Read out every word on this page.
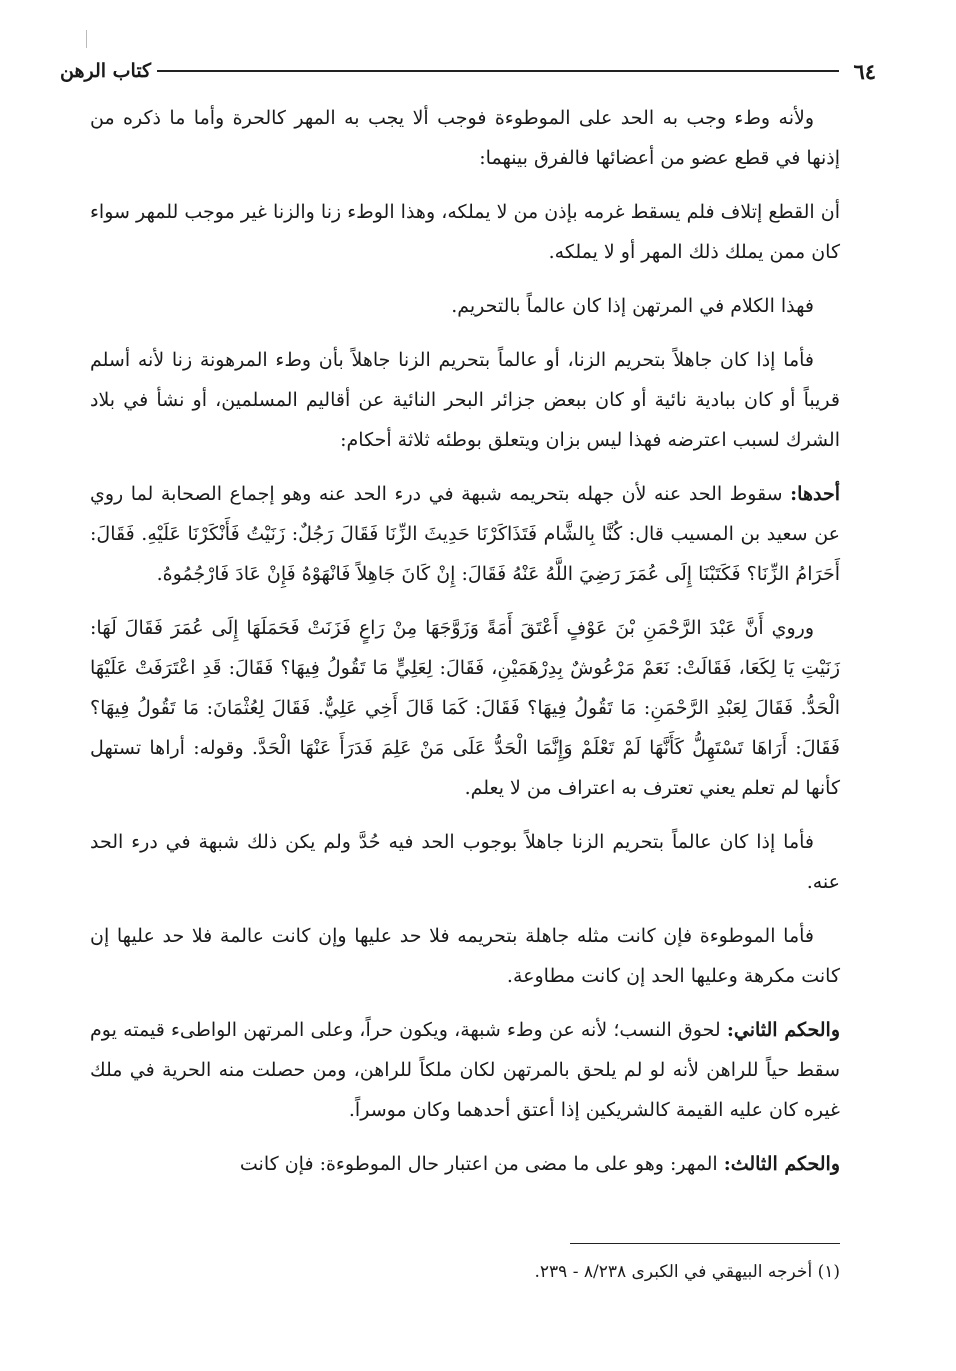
٦٤
كتاب الرهن

ولأنه وطء وجب به الحد على الموطوءة فوجب ألا يجب به المهر كالحرة وأما ما ذكره من إذنها في قطع عضو من أعضائها فالفرق بينهما:

أن القطع إتلاف فلم يسقط غرمه بإذن من لا يملكه، وهذا الوطء زنا والزنا غير موجب للمهر سواء كان ممن يملك ذلك المهر أو لا يملكه.

فهذا الكلام في المرتهن إذا كان عالماً بالتحريم.

فأما إذا كان جاهلاً بتحريم الزنا، أو عالماً بتحريم الزنا جاهلاً بأن وطء المرهونة زنا لأنه أسلم قريباً أو كان ببادية نائية أو كان ببعض جزائر البحر النائية عن أقاليم المسلمين، أو نشأ في بلاد الشرك لسبب اعترضه فهذا ليس بزان ويتعلق بوطئه ثلاثة أحكام:

أحدها: سقوط الحد عنه لأن جهله بتحريمه شبهة في درء الحد عنه وهو إجماع الصحابة لما روي عن سعيد بن المسيب قال: كُنَّا بِالشَّام فَتَذَاكَرْنَا حَدِيثَ الزِّنَا فَقَالَ رَجُلٌ: زَنَيْتُ فَأَنْكَرْنَا عَلَيْهِ. فَقَالَ: أَحَرَامُ الزِّنَا؟ فَكَتَبْنَا إِلَى عُمَرَ رَضِيَ اللَّهُ عَنْهُ فَقَالَ: إِنْ كَانَ جَاهِلاً فَانْهَوْهُ فَإِنْ عَادَ فَارْجُمُوهُ.

وروي أَنَّ عَبْدَ الرَّحْمَنِ بْنَ عَوْفٍ أَعْتَقَ أَمَةً وَزَوَّجَهَا مِنْ رَاعٍ فَزَنَتْ فَحَمَلَهَا إِلَى عُمَرَ فَقَالَ لَهَا: زَنَيْتِ يَا لِكَعَا، فَقَالَتْ: نَعَمْ مَرْعُوشٌ بِدِرْهَمَيْنِ، فَقَالَ: لِعَلِيٍّ مَا تَقُولُ فِيهَا؟ فَقَالَ: قَدِ اعْتَرَفَتْ عَلَيْهَا الْحَدُّ. فَقَالَ لِعَبْدِ الرَّحْمَنِ: مَا تَقُولُ فِيهَا؟ فَقَالَ: كَمَا قَالَ أَخِي عَلِيٌّ. فَقَالَ لِعُثْمَانَ: مَا تَقُولُ فِيهَا؟ فَقَالَ: أَرَاهَا تَسْتَهِلُّ كَأَنَّهَا لَمْ تَعْلَمْ وَإِنَّمَا الْحَدُّ عَلَى مَنْ عَلِمَ فَدَرَأَ عَنْهَا الْحَدَّ. وقوله: أراها تستهل كأنها لم تعلم يعني تعترف به اعتراف من لا يعلم.

فأما إذا كان عالماً بتحريم الزنا جاهلاً بوجوب الحد فيه حُدَّ ولم يكن ذلك شبهة في درء الحد عنه.

فأما الموطوءة فإن كانت مثله جاهلة بتحريمه فلا حد عليها وإن كانت عالمة فلا حد عليها إن كانت مكرهة وعليها الحد إن كانت مطاوعة.

والحكم الثاني: لحوق النسب؛ لأنه عن وطء شبهة، ويكون حراً، وعلى المرتهن الواطىء قيمته يوم سقط حياً للراهن لأنه لو لم يلحق بالمرتهن لكان ملكاً للراهن، ومن حصلت منه الحرية في ملك غيره كان عليه القيمة كالشريكين إذا أعتق أحدهما وكان موسراً.

والحكم الثالث: المهر: وهو على ما مضى من اعتبار حال الموطوءة: فإن كانت

(١) أخرجه البيهقي في الكبرى ٨/٢٣٨ - ٢٣٩.
